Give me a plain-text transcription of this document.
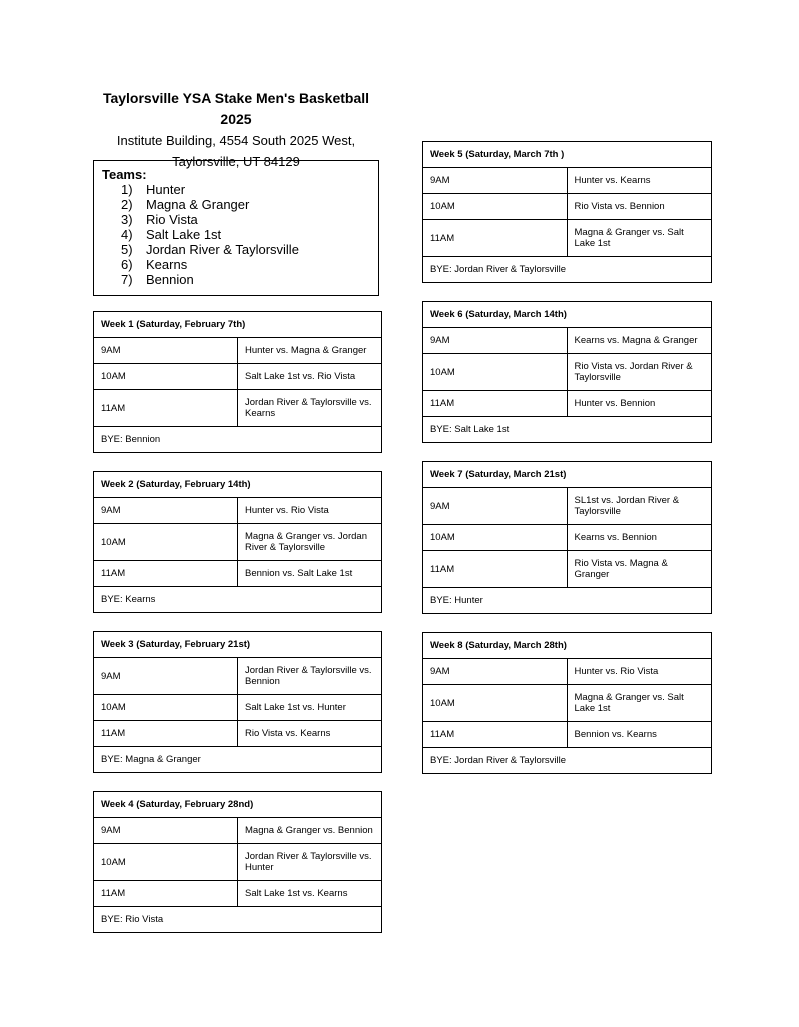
Taylorsville YSA Stake Men's Basketball 2025
Institute Building, 4554 South 2025 West,
Taylorsville, UT 84129
Teams:
1) Hunter
2) Magna & Granger
3) Rio Vista
4) Salt Lake 1st
5) Jordan River & Taylorsville
6) Kearns
7) Bennion
Week 1 (Saturday, February 7th)	
9AM	Hunter vs. Magna & Granger
10AM	Salt Lake 1st vs. Rio Vista
11AM	Jordan River & Taylorsville vs. Kearns
BYE: Bennion	
Week 2 (Saturday, February 14th)	
9AM	Hunter vs. Rio Vista
10AM	Magna & Granger vs. Jordan River & Taylorsville
11AM	Bennion vs. Salt Lake 1st
BYE: Kearns	
Week 3 (Saturday, February 21st)	
9AM	Jordan River & Taylorsville vs. Bennion
10AM	Salt Lake 1st vs. Hunter
11AM	Rio Vista vs. Kearns
BYE: Magna & Granger	
Week 4 (Saturday, February 28nd)	
9AM	Magna & Granger vs. Bennion
10AM	Jordan River & Taylorsville vs. Hunter
11AM	Salt Lake 1st vs. Kearns
BYE: Rio Vista	
Week 5 (Saturday, March 7th )	
9AM	Hunter vs. Kearns
10AM	Rio Vista vs. Bennion
11AM	Magna & Granger vs. Salt Lake 1st
BYE: Jordan River & Taylorsville	
Week 6 (Saturday, March 14th)	
9AM	Kearns vs. Magna & Granger
10AM	Rio Vista vs. Jordan River & Taylorsville
11AM	Hunter vs. Bennion
BYE: Salt Lake 1st	
Week 7 (Saturday, March 21st)	
9AM	SL1st vs. Jordan River & Taylorsville
10AM	Kearns vs. Bennion
11AM	Rio Vista vs. Magna & Granger
BYE: Hunter	
Week 8 (Saturday, March 28th)	
9AM	Hunter vs. Rio Vista
10AM	Magna & Granger vs. Salt Lake 1st
11AM	Bennion vs. Kearns
BYE: Jordan River & Taylorsville	
